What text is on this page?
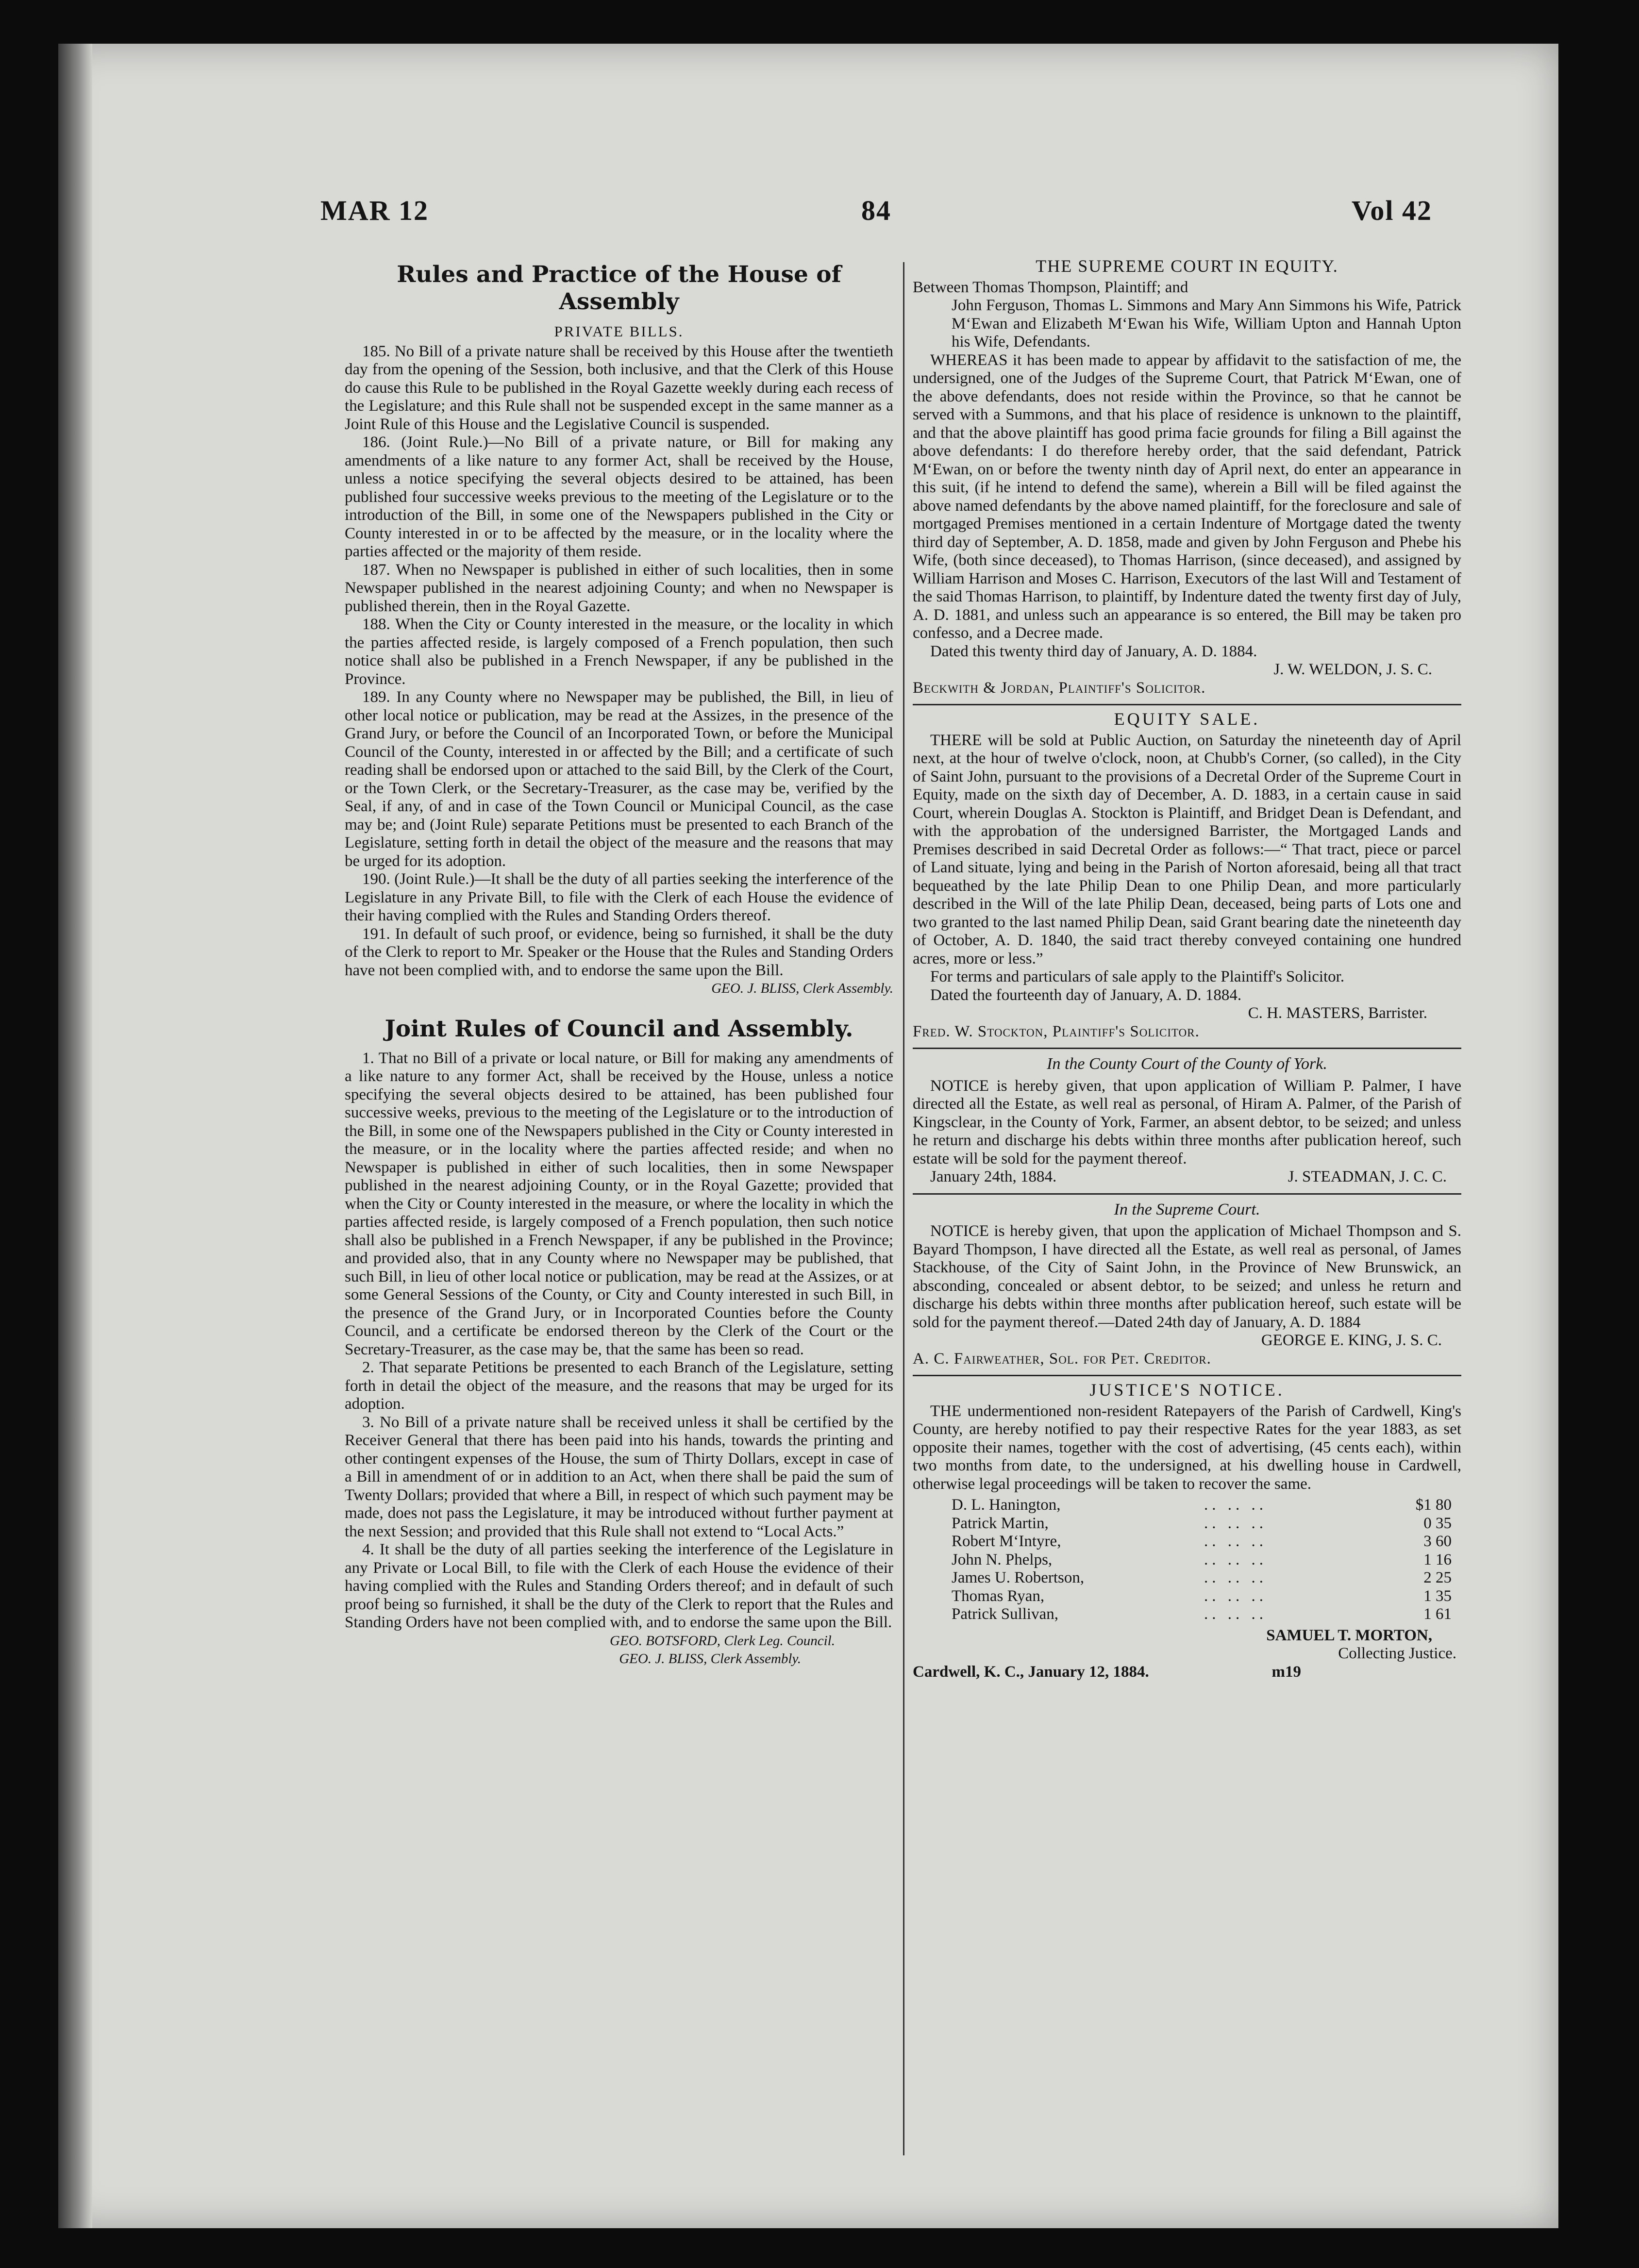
MAR 12	84	Vol 42
Rules and Practice of the House of Assembly
PRIVATE BILLS.

185. No Bill of a private nature shall be received by this House after the twentieth day from the opening of the Session, both inclusive, and that the Clerk of this House do cause this Rule to be published in the Royal Gazette weekly during each recess of the Legislature; and this Rule shall not be suspended except in the same manner as a Joint Rule of this House and the Legislative Council is suspended.

186. (Joint Rule.)—No Bill of a private nature, or Bill for making any amendments of a like nature to any former Act, shall be received by the House, unless a notice specifying the several objects desired to be attained, has been published four successive weeks previous to the meeting of the Legislature or to the introduction of the Bill, in some one of the Newspapers published in the City or County interested in or to be affected by the measure, or in the locality where the parties affected or the majority of them reside.

187. When no Newspaper is published in either of such localities, then in some Newspaper published in the nearest adjoining County; and when no Newspaper is published therein, then in the Royal Gazette.

188. When the City or County interested in the measure, or the locality in which the parties affected reside, is largely composed of a French population, then such notice shall also be published in a French Newspaper, if any be published in the Province.

189. In any County where no Newspaper may be published, the Bill, in lieu of other local notice or publication, may be read at the Assizes, in the presence of the Grand Jury, or before the Council of an Incorporated Town, or before the Municipal Council of the County, interested in or affected by the Bill; and a certificate of such reading shall be endorsed upon or attached to the said Bill, by the Clerk of the Court, or the Town Clerk, or the Secretary-Treasurer, as the case may be, verified by the Seal, if any, of and in case of the Town Council or Municipal Council, as the case may be; and (Joint Rule) separate Petitions must be presented to each Branch of the Legislature, setting forth in detail the object of the measure and the reasons that may be urged for its adoption.

190. (Joint Rule.)—It shall be the duty of all parties seeking the interference of the Legislature in any Private Bill, to file with the Clerk of each House the evidence of their having complied with the Rules and Standing Orders thereof.

191. In default of such proof, or evidence, being so furnished, it shall be the duty of the Clerk to report to Mr. Speaker or the House that the Rules and Standing Orders have not been complied with, and to endorse the same upon the Bill.

GEO. J. BLISS, Clerk Assembly.

Joint Rules of Council and Assembly.

1. That no Bill of a private or local nature, or Bill for making any amendments of a like nature to any former Act, shall be received by the House, unless a notice specifying the several objects desired to be attained, has been published four successive weeks, previous to the meeting of the Legislature or to the introduction of the Bill, in some one of the Newspapers published in the City or County interested in the measure, or in the locality where the parties affected reside; and when no Newspaper is published in either of such localities, then in some Newspaper published in the nearest adjoining County, or in the Royal Gazette; provided that when the City or County interested in the measure, or where the locality in which the parties affected reside, is largely composed of a French population, then such notice shall also be published in a French Newspaper, if any be published in the Province; and provided also, that in any County where no Newspaper may be published, that such Bill, in lieu of other local notice or publication, may be read at the Assizes, or at some General Sessions of the County, or City and County interested in such Bill, in the presence of the Grand Jury, or in Incorporated Counties before the County Council, and a certificate be endorsed thereon by the Clerk of the Court or the Secretary-Treasurer, as the case may be, that the same has been so read.

2. That separate Petitions be presented to each Branch of the Legislature, setting forth in detail the object of the measure, and the reasons that may be urged for its adoption.

3. No Bill of a private nature shall be received unless it shall be certified by the Receiver General that there has been paid into his hands, towards the printing and other contingent expenses of the House, the sum of Thirty Dollars, except in case of a Bill in amendment of or in addition to an Act, when there shall be paid the sum of Twenty Dollars; provided that where a Bill, in respect of which such payment may be made, does not pass the Legislature, it may be introduced without further payment at the next Session; and provided that this Rule shall not extend to “Local Acts.”

4. It shall be the duty of all parties seeking the interference of the Legislature in any Private or Local Bill, to file with the Clerk of each House the evidence of their having complied with the Rules and Standing Orders thereof; and in default of such proof being so furnished, it shall be the duty of the Clerk to report that the Rules and Standing Orders have not been complied with, and to endorse the same upon the Bill.

GEO. BOTSFORD, Clerk Leg. Council.

GEO. J. BLISS, Clerk Assembly.

THE SUPREME COURT IN EQUITY.

Between Thomas Thompson, Plaintiff; and

John Ferguson, Thomas L. Simmons and Mary Ann Simmons his Wife, Patrick M‘Ewan and Elizabeth M‘Ewan his Wife, William Upton and Hannah Upton his Wife, Defendants.

WHEREAS it has been made to appear by affidavit to the satisfaction of me, the undersigned, one of the Judges of the Supreme Court, that Patrick M‘Ewan, one of the above defendants, does not reside within the Province, so that he cannot be served with a Summons, and that his place of residence is unknown to the plaintiff, and that the above plaintiff has good prima facie grounds for filing a Bill against the above defendants: I do therefore hereby order, that the said defendant, Patrick M‘Ewan, on or before the twenty ninth day of April next, do enter an appearance in this suit, (if he intend to defend the same), wherein a Bill will be filed against the above named defendants by the above named plaintiff, for the foreclosure and sale of mortgaged Premises mentioned in a certain Indenture of Mortgage dated the twenty third day of September, A. D. 1858, made and given by John Ferguson and Phebe his Wife, (both since deceased), to Thomas Harrison, (since deceased), and assigned by William Harrison and Moses C. Harrison, Executors of the last Will and Testament of the said Thomas Harrison, to plaintiff, by Indenture dated the twenty first day of July, A. D. 1881, and unless such an appearance is so entered, the Bill may be taken pro confesso, and a Decree made.

Dated this twenty third day of January, A. D. 1884.

J. W. WELDON, J. S. C.

Beckwith & Jordan, Plaintiff's Solicitor.

EQUITY SALE.

THERE will be sold at Public Auction, on Saturday the nineteenth day of April next, at the hour of twelve o'clock, noon, at Chubb's Corner, (so called), in the City of Saint John, pursuant to the provisions of a Decretal Order of the Supreme Court in Equity, made on the sixth day of December, A. D. 1883, in a certain cause in said Court, wherein Douglas A. Stockton is Plaintiff, and Bridget Dean is Defendant, and with the approbation of the undersigned Barrister, the Mortgaged Lands and Premises described in said Decretal Order as follows:—“ That tract, piece or parcel of Land situate, lying and being in the Parish of Norton aforesaid, being all that tract bequeathed by the late Philip Dean to one Philip Dean, and more particularly described in the Will of the late Philip Dean, deceased, being parts of Lots one and two granted to the last named Philip Dean, said Grant bearing date the nineteenth day of October, A. D. 1840, the said tract thereby conveyed containing one hundred acres, more or less.”

For terms and particulars of sale apply to the Plaintiff's Solicitor.

Dated the fourteenth day of January, A. D. 1884.

C. H. MASTERS, Barrister.

Fred. W. Stockton, Plaintiff's Solicitor.

In the County Court of the County of York.

NOTICE is hereby given, that upon application of William P. Palmer, I have directed all the Estate, as well real as personal, of Hiram A. Palmer, of the Parish of Kingsclear, in the County of York, Farmer, an absent debtor, to be seized; and unless he return and discharge his debts within three months after publication hereof, such estate will be sold for the payment thereof.

January 24th, 1884.	J. STEADMAN, J. C. C.
In the Supreme Court.

NOTICE is hereby given, that upon the application of Michael Thompson and S. Bayard Thompson, I have directed all the Estate, as well real as personal, of James Stackhouse, of the City of Saint John, in the Province of New Brunswick, an absconding, concealed or absent debtor, to be seized; and unless he return and discharge his debts within three months after publication hereof, such estate will be sold for the payment thereof.—Dated 24th day of January, A. D. 1884

GEORGE E. KING, J. S. C.

A. C. Fairweather, Sol. for Pet. Creditor.

JUSTICE'S NOTICE.

THE undermentioned non-resident Ratepayers of the Parish of Cardwell, King's County, are hereby notified to pay their respective Rates for the year 1883, as set opposite their names, together with the cost of advertising, (45 cents each), within two months from date, to the undersigned, at his dwelling house in Cardwell, otherwise legal proceedings will be taken to recover the same.

D. L. Hanington,	.. .. ..	$1 80
Patrick Martin,	.. .. ..	0 35
Robert M‘Intyre,	.. .. ..	3 60
John N. Phelps,	.. .. ..	1 16
James U. Robertson,	.. .. ..	2 25
Thomas Ryan,	.. .. ..	1 35
Patrick Sullivan,	.. .. ..	1 61

SAMUEL T. MORTON,

Collecting Justice.

Cardwell, K. C., January 12, 1884.	m19
